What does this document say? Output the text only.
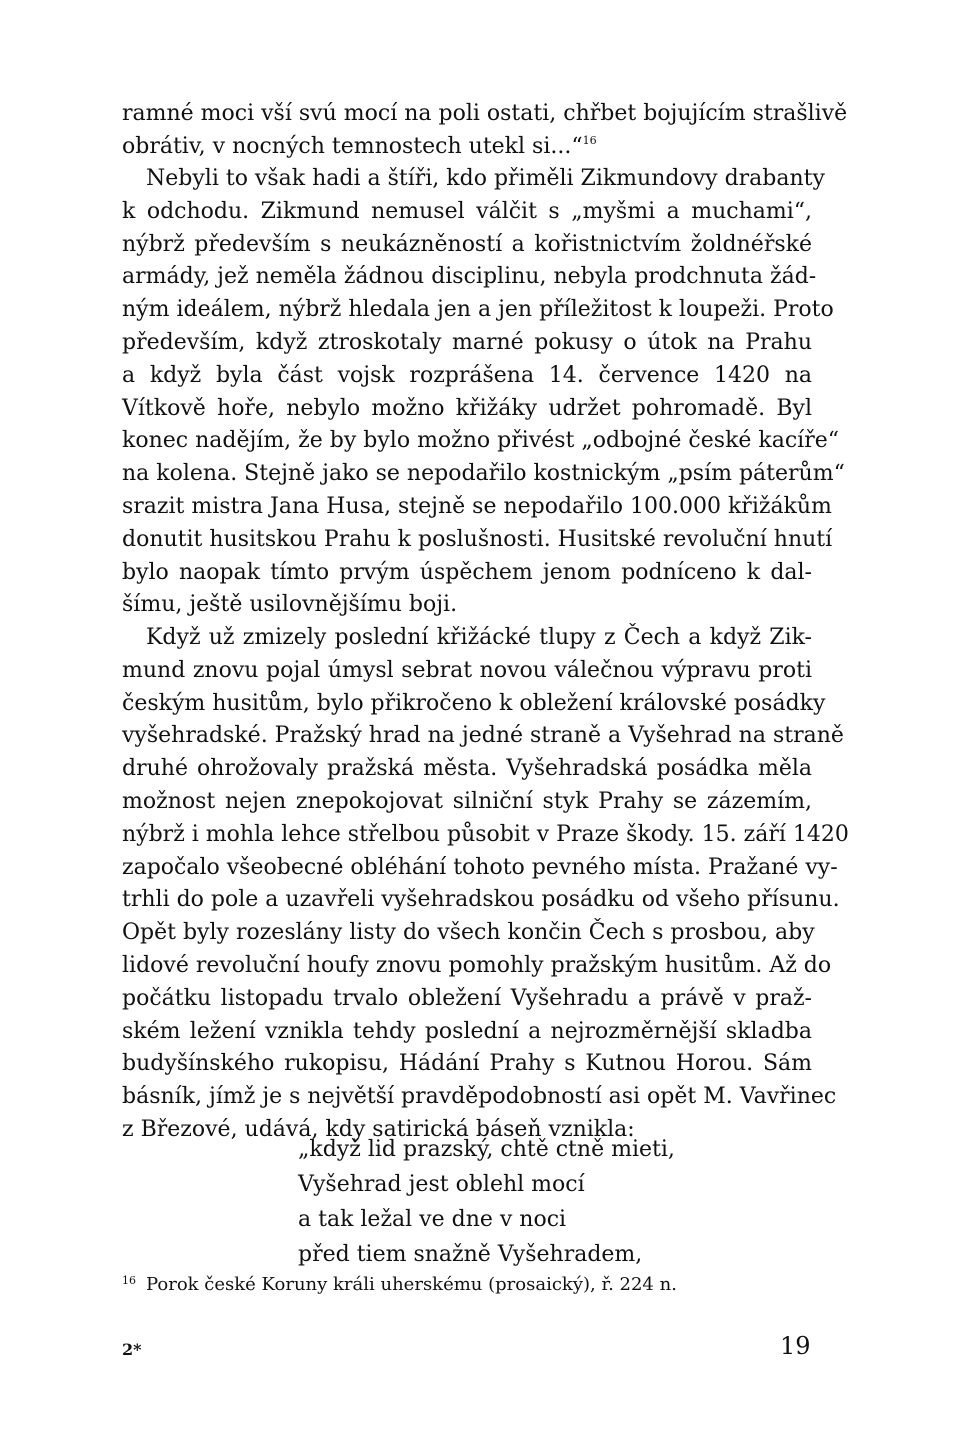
ramné moci vší svú mocí na poli ostati, chřbet bojujícím strašlivě
obrátiv, v nocných temnostech utekl si...“$^{16}$
Nebyli to však hadi a štíři, kdo přiměli Zikmundovy drabanty
k odchodu. Zikmund nemusel válčit s „myšmi a muchami“,
nýbrž především s neukázněností a kořistnictvím žoldnéřské
armády, jež neměla žádnou disciplinu, nebyla prodchnuta žád-
ným ideálem, nýbrž hledala jen a jen příležitost k loupeži. Proto
především, když ztroskotaly marné pokusy o útok na Prahu
a když byla část vojsk rozprášena 14. července 1420 na
Vítkově hoře, nebylo možno křižáky udržet pohromadě. Byl
konec nadějím, že by bylo možno přivést „odbojné české kacíře“
na kolena. Stejně jako se nepodařilo kostnickým „psím páterům“
srazit mistra Jana Husa, stejně se nepodařilo 100.000 křižákům
donutit husitskou Prahu k poslušnosti. Husitské revoluční hnutí
bylo naopak tímto prvým úspěchem jenom podníceno k dal-
šímu, ještě usilovnějšímu boji.
Když už zmizely poslední křižácké tlupy z Čech a když Zik-
mund znovu pojal úmysl sebrat novou válečnou výpravu proti
českým husitům, bylo přikročeno k obležení královské posádky
vyšehradské. Pražský hrad na jedné straně a Vyšehrad na straně
druhé ohrožovaly pražská města. Vyšehradská posádka měla
možnost nejen znepokojovat silniční styk Prahy se zázemím,
nýbrž i mohla lehce střelbou působit v Praze škody. 15. září 1420
započalo všeobecné obléhání tohoto pevného místa. Pražané vy-
trhli do pole a uzavřeli vyšehradskou posádku od všeho přísunu.
Opět byly rozeslány listy do všech končin Čech s prosbou, aby
lidové revoluční houfy znovu pomohly pražským husitům. Až do
počátku listopadu trvalo obležení Vyšehradu a právě v praž-
ském ležení vznikla tehdy poslední a nejrozměrnější skladba
budyšínského rukopisu, Hádání Prahy s Kutnou Horou. Sám
básník, jímž je s největší pravděpodobností asi opět M. Vavřinec
z Březové, udává, kdy satirická báseň vznikla:
„když lid prazský, chtě ctně mieti,
Vyšehrad jest oblehl mocí
a tak ležal ve dne v noci
před tiem snažně Vyšehradem,
$^{16}$ Porok české Koruny králi uherskému (prosaický), ř. 224 n.
2*	19
